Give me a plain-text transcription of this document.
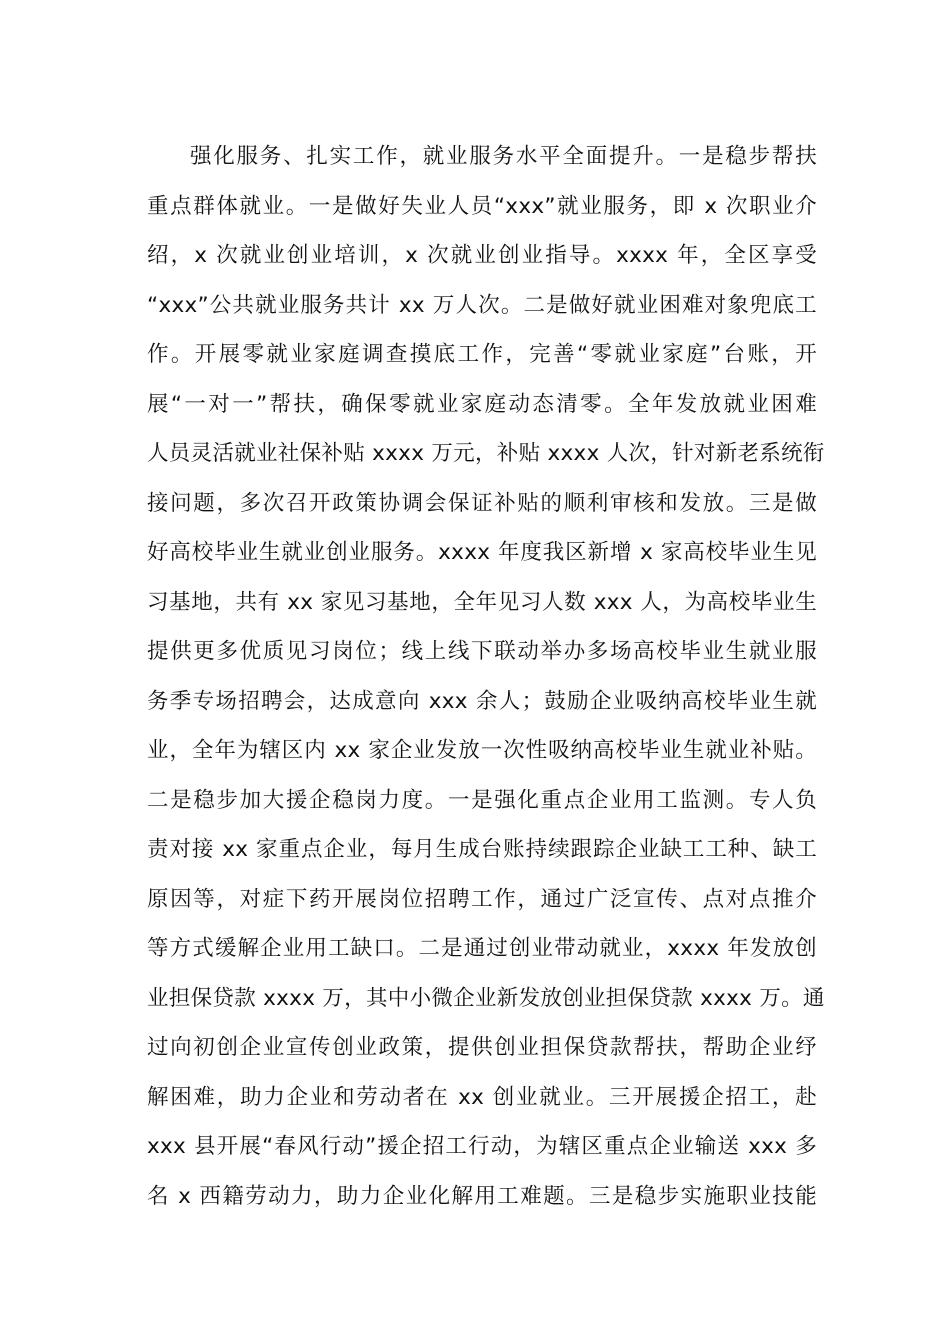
强化服务、扎实工作，就业服务水平全面提升。一是稳步帮扶
重点群体就业。一是做好失业人员“xxx”就业服务，即 x 次职业介
绍，x 次就业创业培训，x 次就业创业指导。xxxx 年，全区享受
“xxx”公共就业服务共计 xx 万人次。二是做好就业困难对象兜底工
作。开展零就业家庭调查摸底工作，完善“零就业家庭”台账，开
展“一对一”帮扶，确保零就业家庭动态清零。全年发放就业困难
人员灵活就业社保补贴 xxxx 万元，补贴 xxxx 人次，针对新老系统衔
接问题，多次召开政策协调会保证补贴的顺利审核和发放。三是做
好高校毕业生就业创业服务。xxxx 年度我区新增 x 家高校毕业生见
习基地，共有 xx 家见习基地，全年见习人数 xxx 人，为高校毕业生
提供更多优质见习岗位；线上线下联动举办多场高校毕业生就业服
务季专场招聘会，达成意向 xxx 余人；鼓励企业吸纳高校毕业生就
业，全年为辖区内 xx 家企业发放一次性吸纳高校毕业生就业补贴。
二是稳步加大援企稳岗力度。一是强化重点企业用工监测。专人负
责对接 xx 家重点企业，每月生成台账持续跟踪企业缺工工种、缺工
原因等，对症下药开展岗位招聘工作，通过广泛宣传、点对点推介
等方式缓解企业用工缺口。二是通过创业带动就业，xxxx 年发放创
业担保贷款 xxxx 万，其中小微企业新发放创业担保贷款 xxxx 万。通
过向初创企业宣传创业政策，提供创业担保贷款帮扶，帮助企业纾
解困难，助力企业和劳动者在 xx 创业就业。三开展援企招工，赴
xxx 县开展“春风行动”援企招工行动，为辖区重点企业输送 xxx 多
名 x 西籍劳动力，助力企业化解用工难题。三是稳步实施职业技能
